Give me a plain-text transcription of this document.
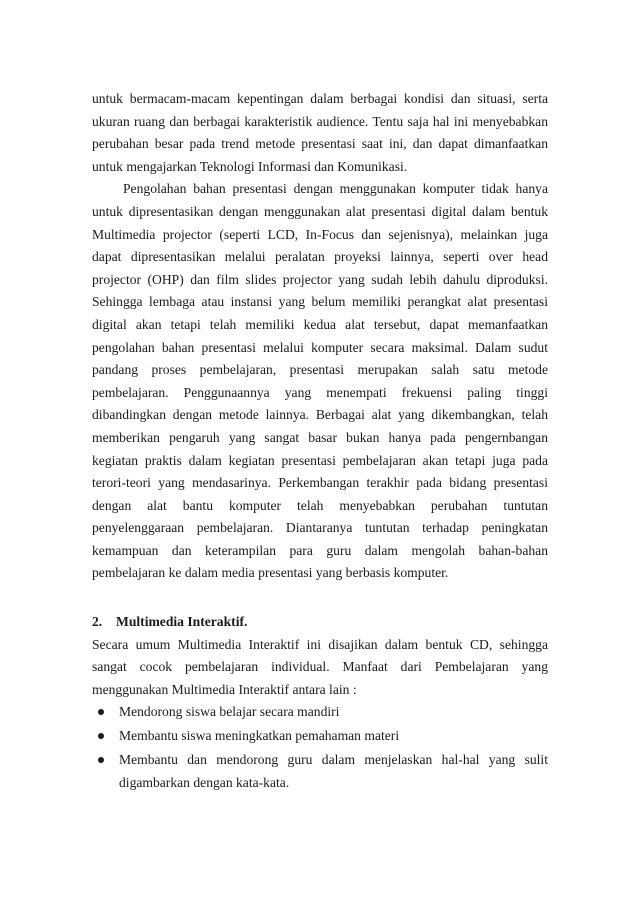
untuk bermacam-macam kepentingan dalam berbagai kondisi dan situasi, serta ukuran ruang dan berbagai karakteristik audience. Tentu saja hal ini menyebabkan perubahan besar pada trend metode presentasi saat ini, dan dapat dimanfaatkan untuk mengajarkan Teknologi Informasi dan Komunikasi.

Pengolahan bahan presentasi dengan menggunakan komputer tidak hanya untuk dipresentasikan dengan menggunakan alat presentasi digital dalam bentuk Multimedia projector (seperti LCD, In-Focus dan sejenisnya), melainkan juga dapat dipresentasikan melalui peralatan proyeksi lainnya, seperti over head projector (OHP) dan film slides projector yang sudah lebih dahulu diproduksi. Sehingga lembaga atau instansi yang belum memiliki perangkat alat presentasi digital akan tetapi telah memiliki kedua alat tersebut, dapat memanfaatkan pengolahan bahan presentasi melalui komputer secara maksimal. Dalam sudut pandang proses pembelajaran, presentasi merupakan salah satu metode pembelajaran. Penggunaannya yang menempati frekuensi paling tinggi dibandingkan dengan metode lainnya. Berbagai alat yang dikembangkan, telah memberikan pengaruh yang sangat basar bukan hanya pada pengernbangan kegiatan praktis dalam kegiatan presentasi pembelajaran akan tetapi juga pada terori-teori yang mendasarinya. Perkembangan terakhir pada bidang presentasi dengan alat bantu komputer telah menyebabkan perubahan tuntutan penyelenggaraan pembelajaran. Diantaranya tuntutan terhadap peningkatan kemampuan dan keterampilan para guru dalam mengolah bahan-bahan pembelajaran ke dalam media presentasi yang berbasis komputer.

2. Multimedia Interaktif.

Secara umum Multimedia Interaktif ini disajikan dalam bentuk CD, sehingga sangat cocok pembelajaran individual. Manfaat dari Pembelajaran yang menggunakan Multimedia Interaktif antara lain :

Mendorong siswa belajar secara mandiri
Membantu siswa meningkatkan pemahaman materi
Membantu dan mendorong guru dalam menjelaskan hal-hal yang sulit digambarkan dengan kata-kata.
